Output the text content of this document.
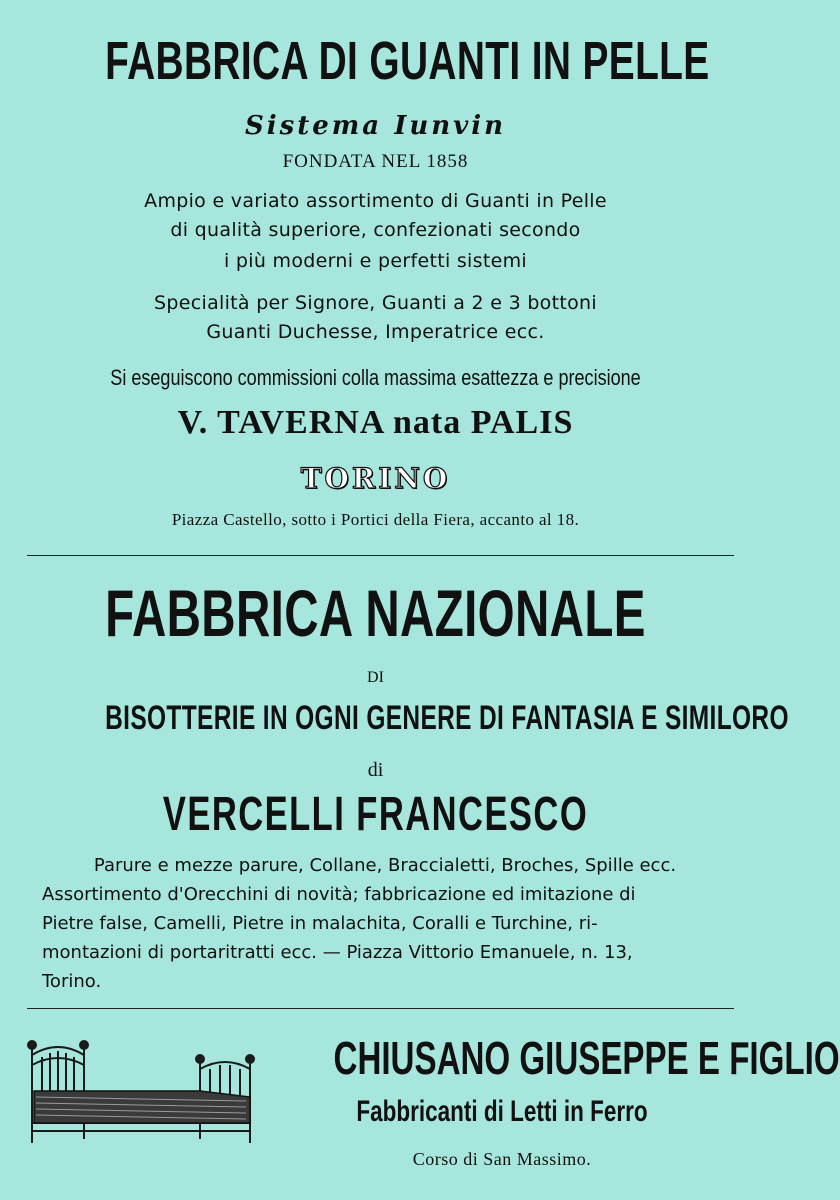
FABBRICA DI GUANTI IN PELLE
Sistema Iunvin
FONDATA NEL 1858
Ampio e variato assortimento di Guanti in Pelle
di qualità superiore, confezionati secondo
i più moderni e perfetti sistemi
Specialità per Signore, Guanti a 2 e 3 bottoni
Guanti Duchesse, Imperatrice ecc.
Si eseguiscono commissioni colla massima esattezza e precisione
V. TAVERNA nata PALIS
TORINO
Piazza Castello, sotto i Portici della Fiera, accanto al 18.
FABBRICA NAZIONALE
DI
BISOTTERIE IN OGNI GENERE DI FANTASIA E SIMILORO
di
VERCELLI FRANCESCO
Parure e mezze parure, Collane, Braccialetti, Broches, Spille ecc.
Assortimento d'Orecchini di novità; fabbricazione ed imitazione di
Pietre false, Camelli, Pietre in malachita, Coralli e Turchine, ri-
montazioni di portaritratti ecc. — Piazza Vittorio Emanuele, n. 13,
Torino.
CHIUSANO GIUSEPPE E FIGLIO
Fabbricanti di Letti in Ferro
Corso di San Massimo.
